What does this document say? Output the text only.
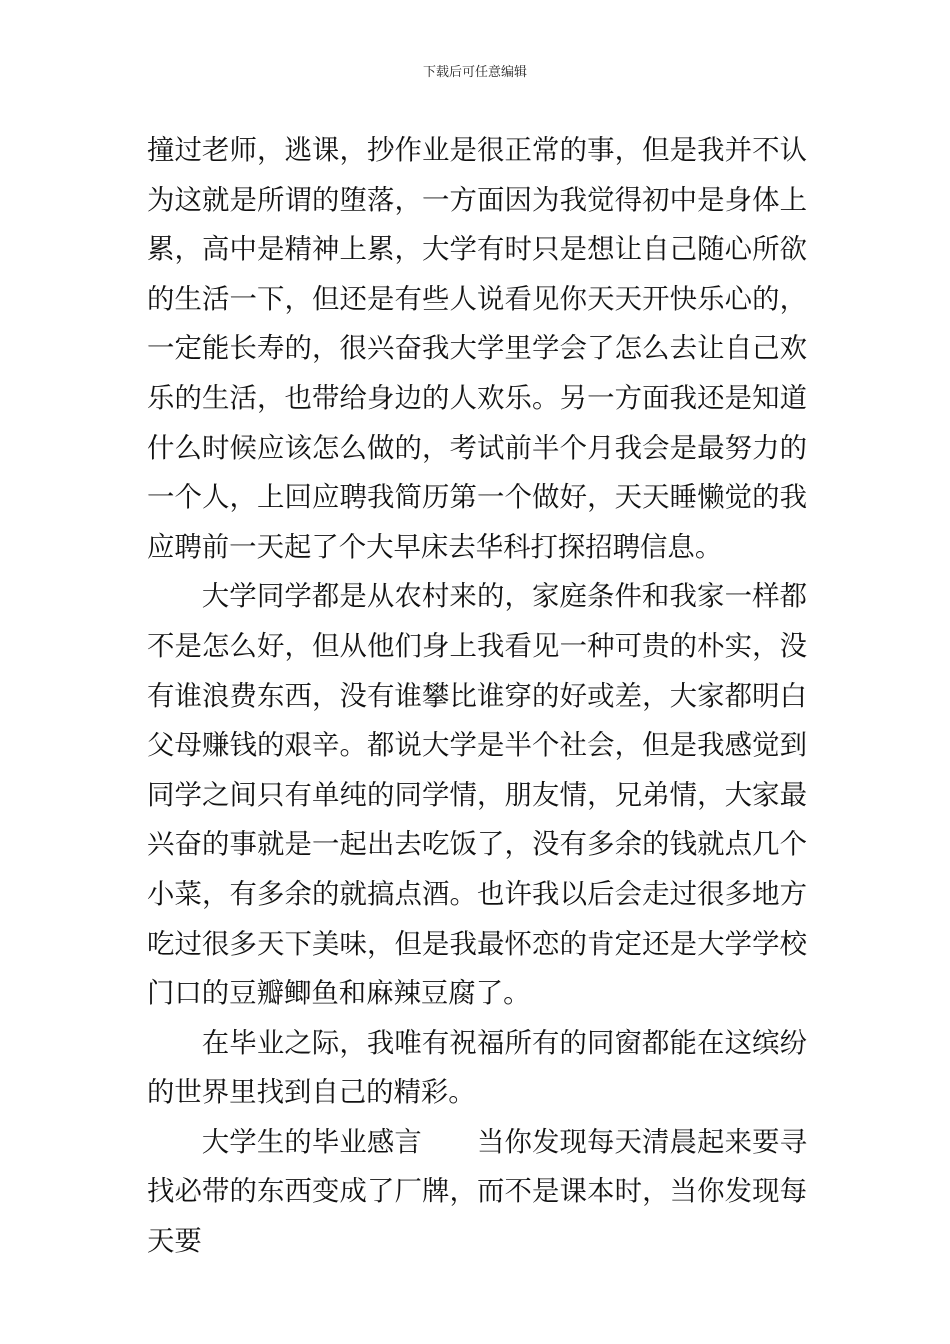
下载后可任意编辑

撞过老师，逃课，抄作业是很正常的事，但是我并不认为这就是所谓的堕落，一方面因为我觉得初中是身体上累，高中是精神上累，大学有时只是想让自己随心所欲的生活一下，但还是有些人说看见你天天开快乐心的，一定能长寿的，很兴奋我大学里学会了怎么去让自己欢乐的生活，也带给身边的人欢乐。另一方面我还是知道什么时候应该怎么做的，考试前半个月我会是最努力的一个人，上回应聘我简历第一个做好，天天睡懒觉的我应聘前一天起了个大早床去华科打探招聘信息。

大学同学都是从农村来的，家庭条件和我家一样都不是怎么好，但从他们身上我看见一种可贵的朴实，没有谁浪费东西，没有谁攀比谁穿的好或差，大家都明白父母赚钱的艰辛。都说大学是半个社会，但是我感觉到同学之间只有单纯的同学情，朋友情，兄弟情，大家最兴奋的事就是一起出去吃饭了，没有多余的钱就点几个小菜，有多余的就搞点酒。也许我以后会走过很多地方吃过很多天下美味，但是我最怀恋的肯定还是大学学校门口的豆瓣鲫鱼和麻辣豆腐了。

在毕业之际，我唯有祝福所有的同窗都能在这缤纷的世界里找到自己的精彩。

大学生的毕业感言　　当你发现每天清晨起来要寻找必带的东西变成了厂牌，而不是课本时，当你发现每天要
